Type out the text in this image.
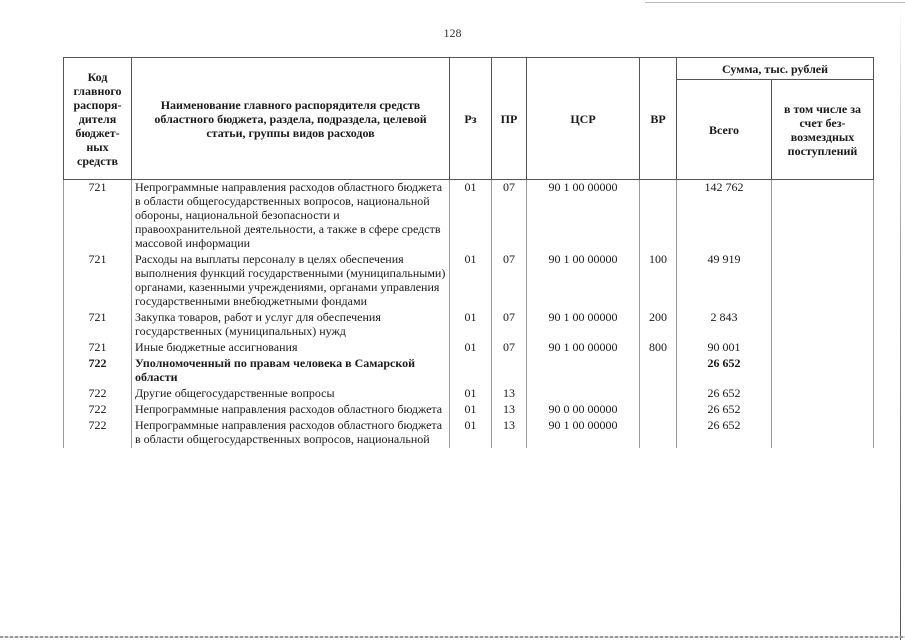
128
Код главного распоря-дителя бюджет-ных средств	Наименование главного распорядителя средств областного бюджета, раздела, подраздела, целевой статьи, группы видов расходов	Рз	ПР	ЦСР	ВР	Сумма, тыс. рублей	
						Всего	в том числе за счет без-возмездных поступлений
721	Непрограммные направления расходов областного бюджета в области общегосударственных вопросов, национальной обороны, национальной безопасности и правоохранительной деятельности, а также в сфере средств массовой информации	01	07	90 1 00 00000		142 762	
721	Расходы на выплаты персоналу в целях обеспечения выполнения функций государственными (муниципальными) органами, казенными учреждениями, органами управления государственными внебюджетными фондами	01	07	90 1 00 00000	100	49 919	
721	Закупка товаров, работ и услуг для обеспечения государственных (муниципальных) нужд	01	07	90 1 00 00000	200	2 843	
721	Иные бюджетные ассигнования	01	07	90 1 00 00000	800	90 001	
722	Уполномоченный по правам человека в Самарской области					26 652	
722	Другие общегосударственные вопросы	01	13			26 652	
722	Непрограммные направления расходов областного бюджета	01	13	90 0 00 00000		26 652	
722	Непрограммные направления расходов областного бюджета в области общегосударственных вопросов, национальной	01	13	90 1 00 00000		26 652	
